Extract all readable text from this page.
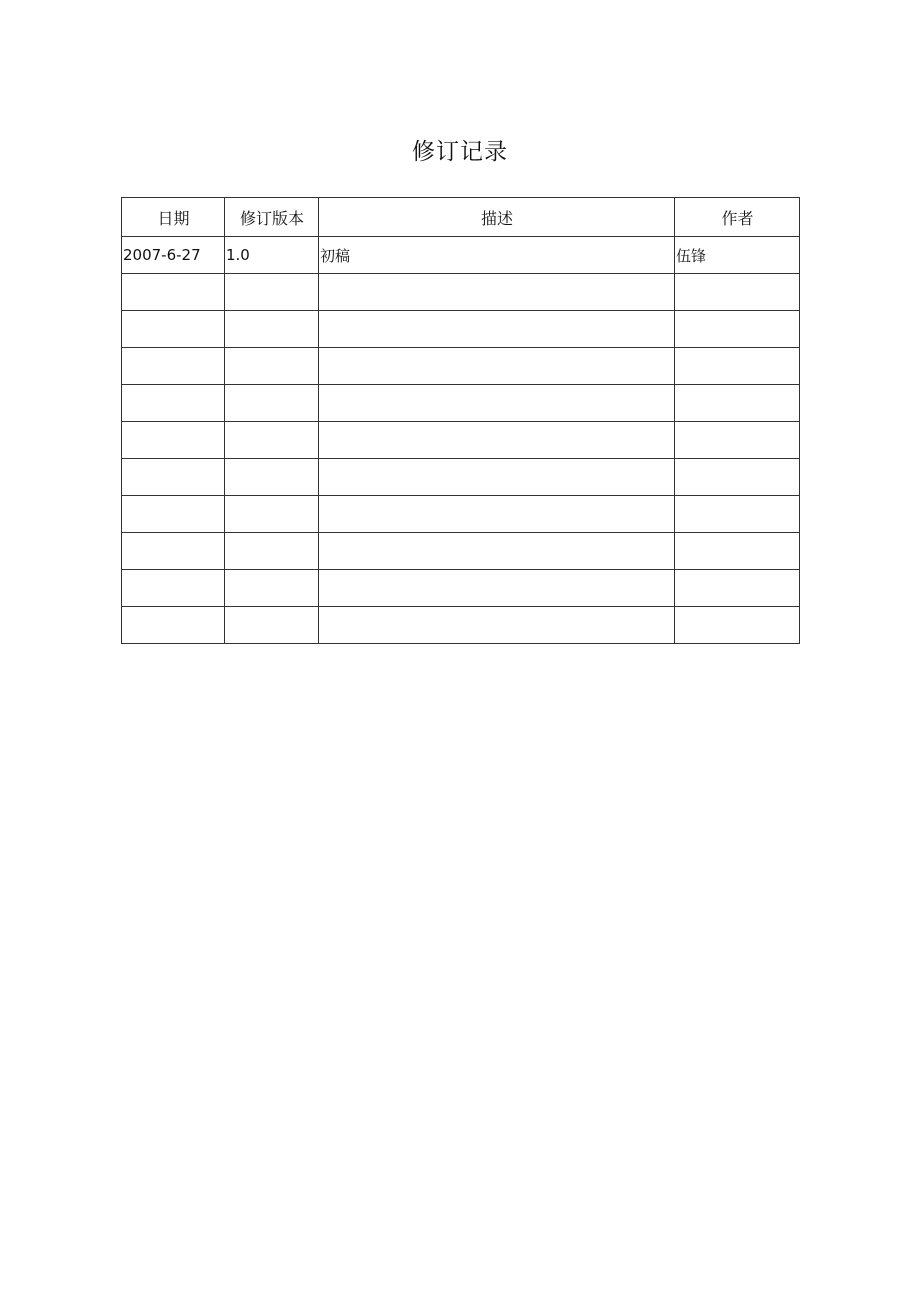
修订记录
日期	修订版本	描述	作者
2007-6-27	1.0	初稿	伍锋
